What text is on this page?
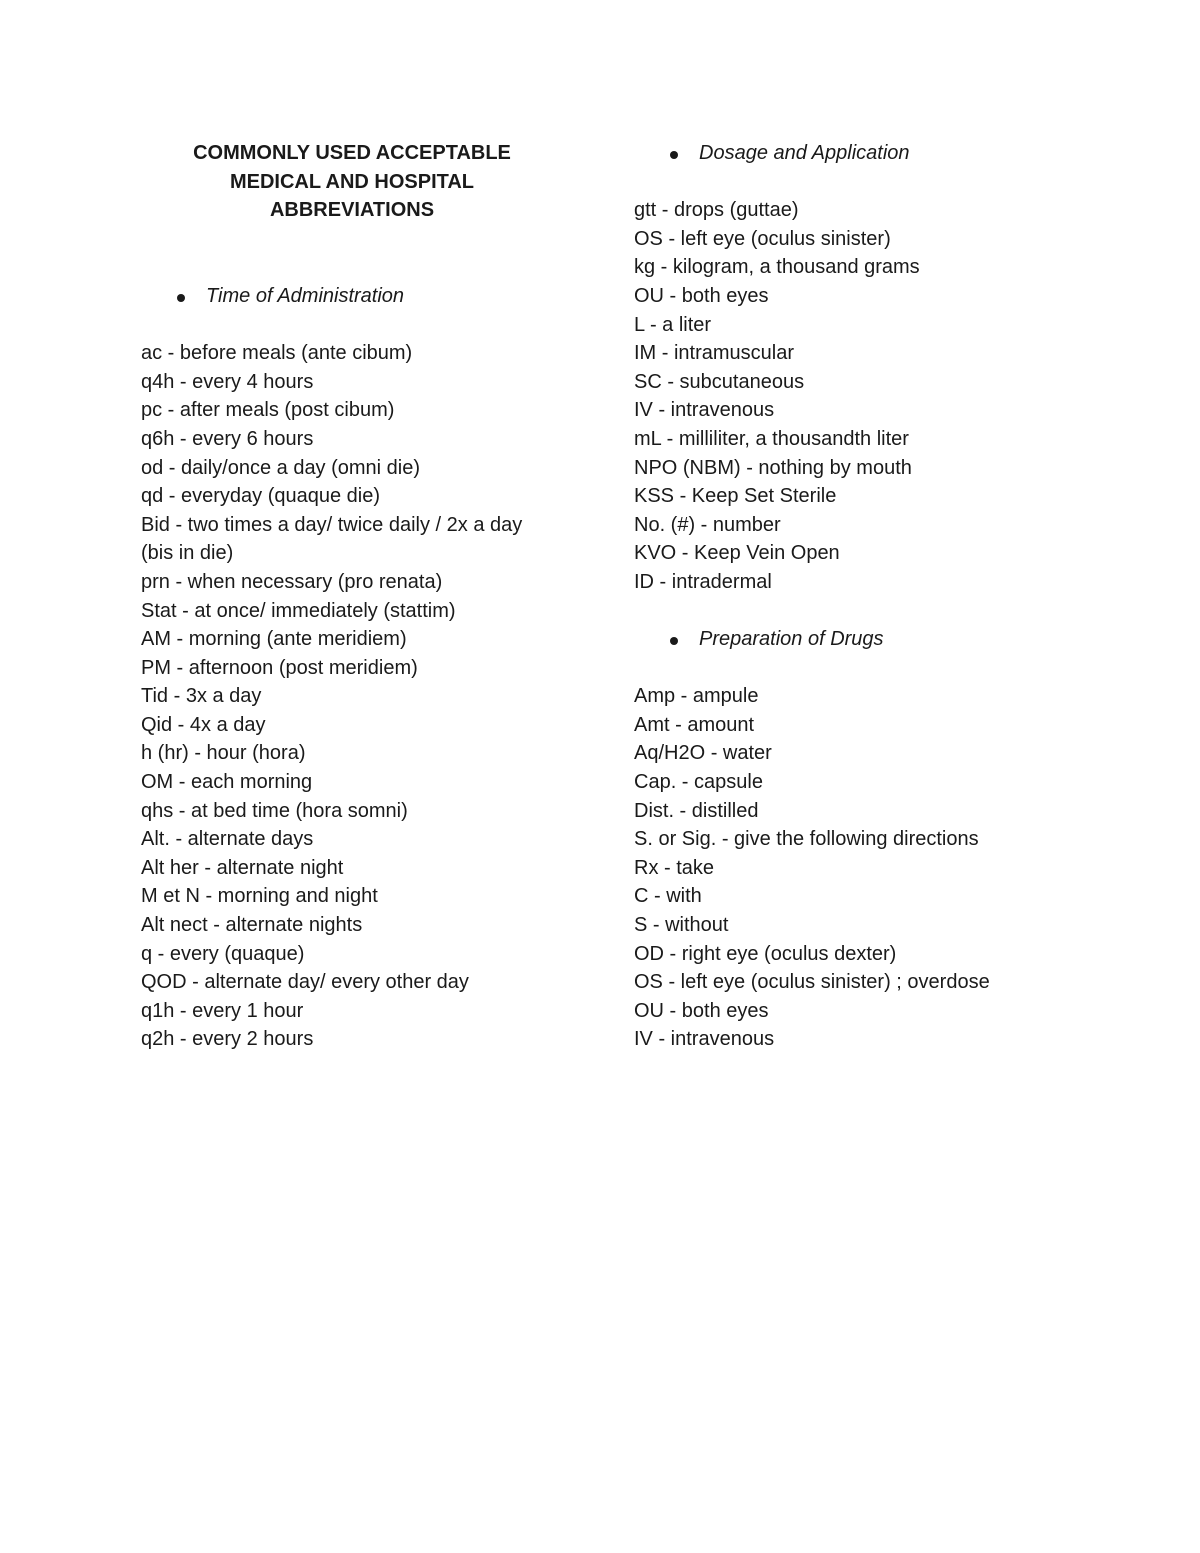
COMMONLY USED ACCEPTABLE
MEDICAL AND HOSPITAL
ABBREVIATIONS

Time of Administration

ac - before meals (ante cibum)
q4h - every 4 hours
pc - after meals (post cibum)
q6h - every 6 hours
od - daily/once a day (omni die)
qd - everyday (quaque die)
Bid - two times a day/ twice daily / 2x a day
(bis in die)
prn - when necessary (pro renata)
Stat - at once/ immediately (stattim)
AM - morning (ante meridiem)
PM - afternoon (post meridiem)
Tid - 3x a day
Qid - 4x a day
h (hr) - hour (hora)
OM - each morning
qhs - at bed time (hora somni)
Alt. - alternate days
Alt her - alternate night
M et N - morning and night
Alt nect - alternate nights
q - every (quaque)
QOD - alternate day/ every other day
q1h - every 1 hour
q2h - every 2 hours

Dosage and Application

gtt - drops (guttae)
OS - left eye (oculus sinister)
kg - kilogram, a thousand grams
OU - both eyes
L - a liter
IM - intramuscular
SC - subcutaneous
IV - intravenous
mL - milliliter, a thousandth liter
NPO (NBM) - nothing by mouth
KSS - Keep Set Sterile
No. (#) - number
KVO - Keep Vein Open
ID - intradermal

Preparation of Drugs

Amp - ampule
Amt - amount
Aq/H2O - water
Cap. - capsule
Dist. - distilled
S. or Sig. - give the following directions
Rx - take
C - with
S - without
OD - right eye (oculus dexter)
OS - left eye (oculus sinister) ; overdose
OU - both eyes
IV - intravenous
